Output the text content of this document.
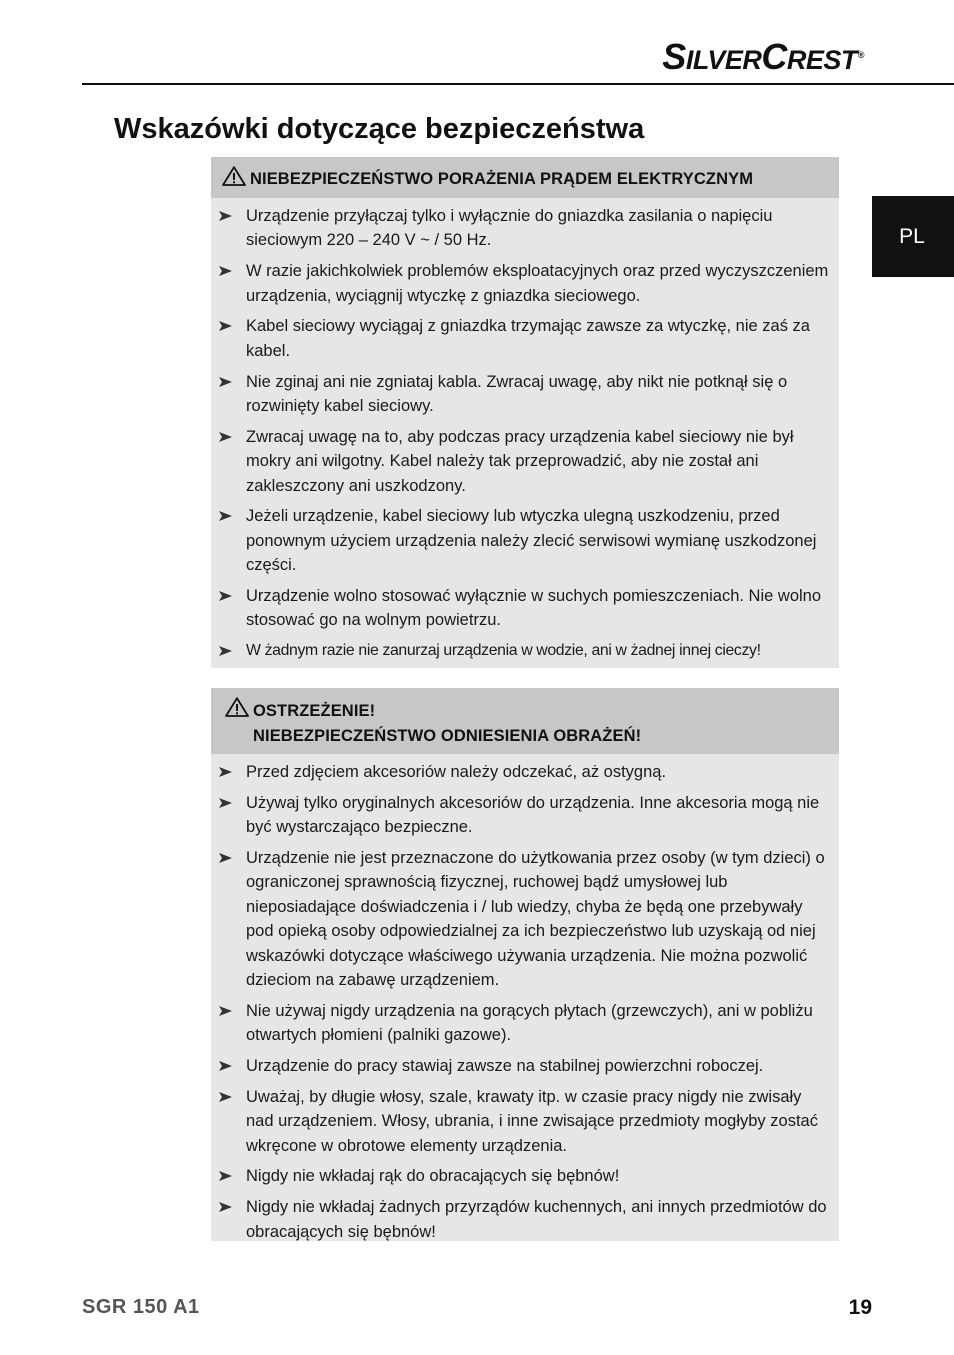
SILVERCREST®
Wskazówki dotyczące bezpieczeństwa
PL
NIEBEZPIECZEŃSTWO PORAŻENIA PRĄDEM ELEKTRYCZNYM
Urządzenie przyłączaj tylko i wyłącznie do gniazdka zasilania o napięciu sieciowym 220 – 240 V ~ / 50 Hz.
W razie jakichkolwiek problemów eksploatacyjnych oraz przed wyczyszczeniem urządzenia, wyciągnij wtyczkę z gniazdka sieciowego.
Kabel sieciowy wyciągaj z gniazdka trzymając zawsze za wtyczkę, nie zaś za kabel.
Nie zginaj ani nie zgniataj kabla. Zwracaj uwagę, aby nikt nie potknął się o rozwinięty kabel sieciowy.
Zwracaj uwagę na to, aby podczas pracy urządzenia kabel sieciowy nie był mokry ani wilgotny. Kabel należy tak przeprowadzić, aby nie został ani zakleszczony ani uszkodzony.
Jeżeli urządzenie, kabel sieciowy lub wtyczka ulegną uszkodzeniu, przed ponownym użyciem urządzenia należy zlecić serwisowi wymianę uszkodzonej części.
Urządzenie wolno stosować wyłącznie w suchych pomieszczeniach. Nie wolno stosować go na wolnym powietrzu.
W żadnym razie nie zanurzaj urządzenia w wodzie, ani w żadnej innej cieczy!
OSTRZEŻENIE!
NIEBEZPIECZEŃSTWO ODNIESIENIA OBRAŻEŃ!
Przed zdjęciem akcesoriów należy odczekać, aż ostygną.
Używaj tylko oryginalnych akcesoriów do urządzenia. Inne akcesoria mogą nie być wystarczająco bezpieczne.
Urządzenie nie jest przeznaczone do użytkowania przez osoby (w tym dzieci) o ograniczonej sprawnością fizycznej, ruchowej bądź umysłowej lub nieposiadające doświadczenia i / lub wiedzy, chyba że będą one przebywały pod opieką osoby odpowiedzialnej za ich bezpieczeństwo lub uzyskają od niej wskazówki dotyczące właściwego używania urządzenia. Nie można pozwolić dzieciom na zabawę urządzeniem.
Nie używaj nigdy urządzenia na gorących płytach (grzewczych), ani w pobliżu otwartych płomieni (palniki gazowe).
Urządzenie do pracy stawiaj zawsze na stabilnej powierzchni roboczej.
Uważaj, by długie włosy, szale, krawaty itp. w czasie pracy nigdy nie zwisały nad urządzeniem. Włosy, ubrania, i inne zwisające przedmioty mogłyby zostać wkręcone w obrotowe elementy urządzenia.
Nigdy nie wkładaj rąk do obracających się bębnów!
Nigdy nie wkładaj żadnych przyrządów kuchennych, ani innych przedmiotów do obracających się bębnów!
SGR 150 A1	19
